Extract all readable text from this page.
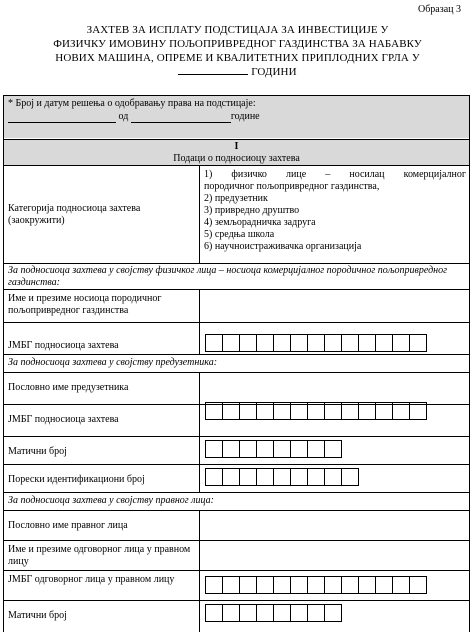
Образац 3
ЗАХТЕВ ЗА ИСПЛАТУ ПОДСТИЦАЈА ЗА ИНВЕСТИЦИЈЕ У
ФИЗИЧКУ ИМОВИНУ ПОЉОПРИВРЕДНОГ ГАЗДИНСТВА ЗА НАБАВКУ
НОВИХ МАШИНА, ОПРЕМЕ И КВАЛИТЕТНИХ ПРИПЛОДНИХ ГРЛА У
ГОДИНИ
* Број и датум решења о одобравању права на подстицаје:
од	године
I
Подаци о подносиоцу захтева
Категорија подносиоца захтева (заокружити)
1) физичко лице – носилац комерцијалног
породичног пољопривредног газдинства,
2) предузетник
3) привредно друштво
4) земљорадничка задруга
5) средња школа
6) научноистраживачка организација
За подносиоца захтева у својству физичког лица – носиоца комерцијалног породичног пољопривредног газдинства:
Име и презиме носиоца породичног пољопривредног газдинства
ЈМБГ подносиоца захтева
За подносиоца захтева у својству предузетника:
Пословно име предузетника
ЈМБГ подносиоца захтева
Матични број
Порески идентификациони број
За подносиоца захтева у својству правног лица:
Пословно име правног лица
Име и презиме одговорног лица у правном лицу
ЈМБГ одговорног лица у правном лицу
Матични број
